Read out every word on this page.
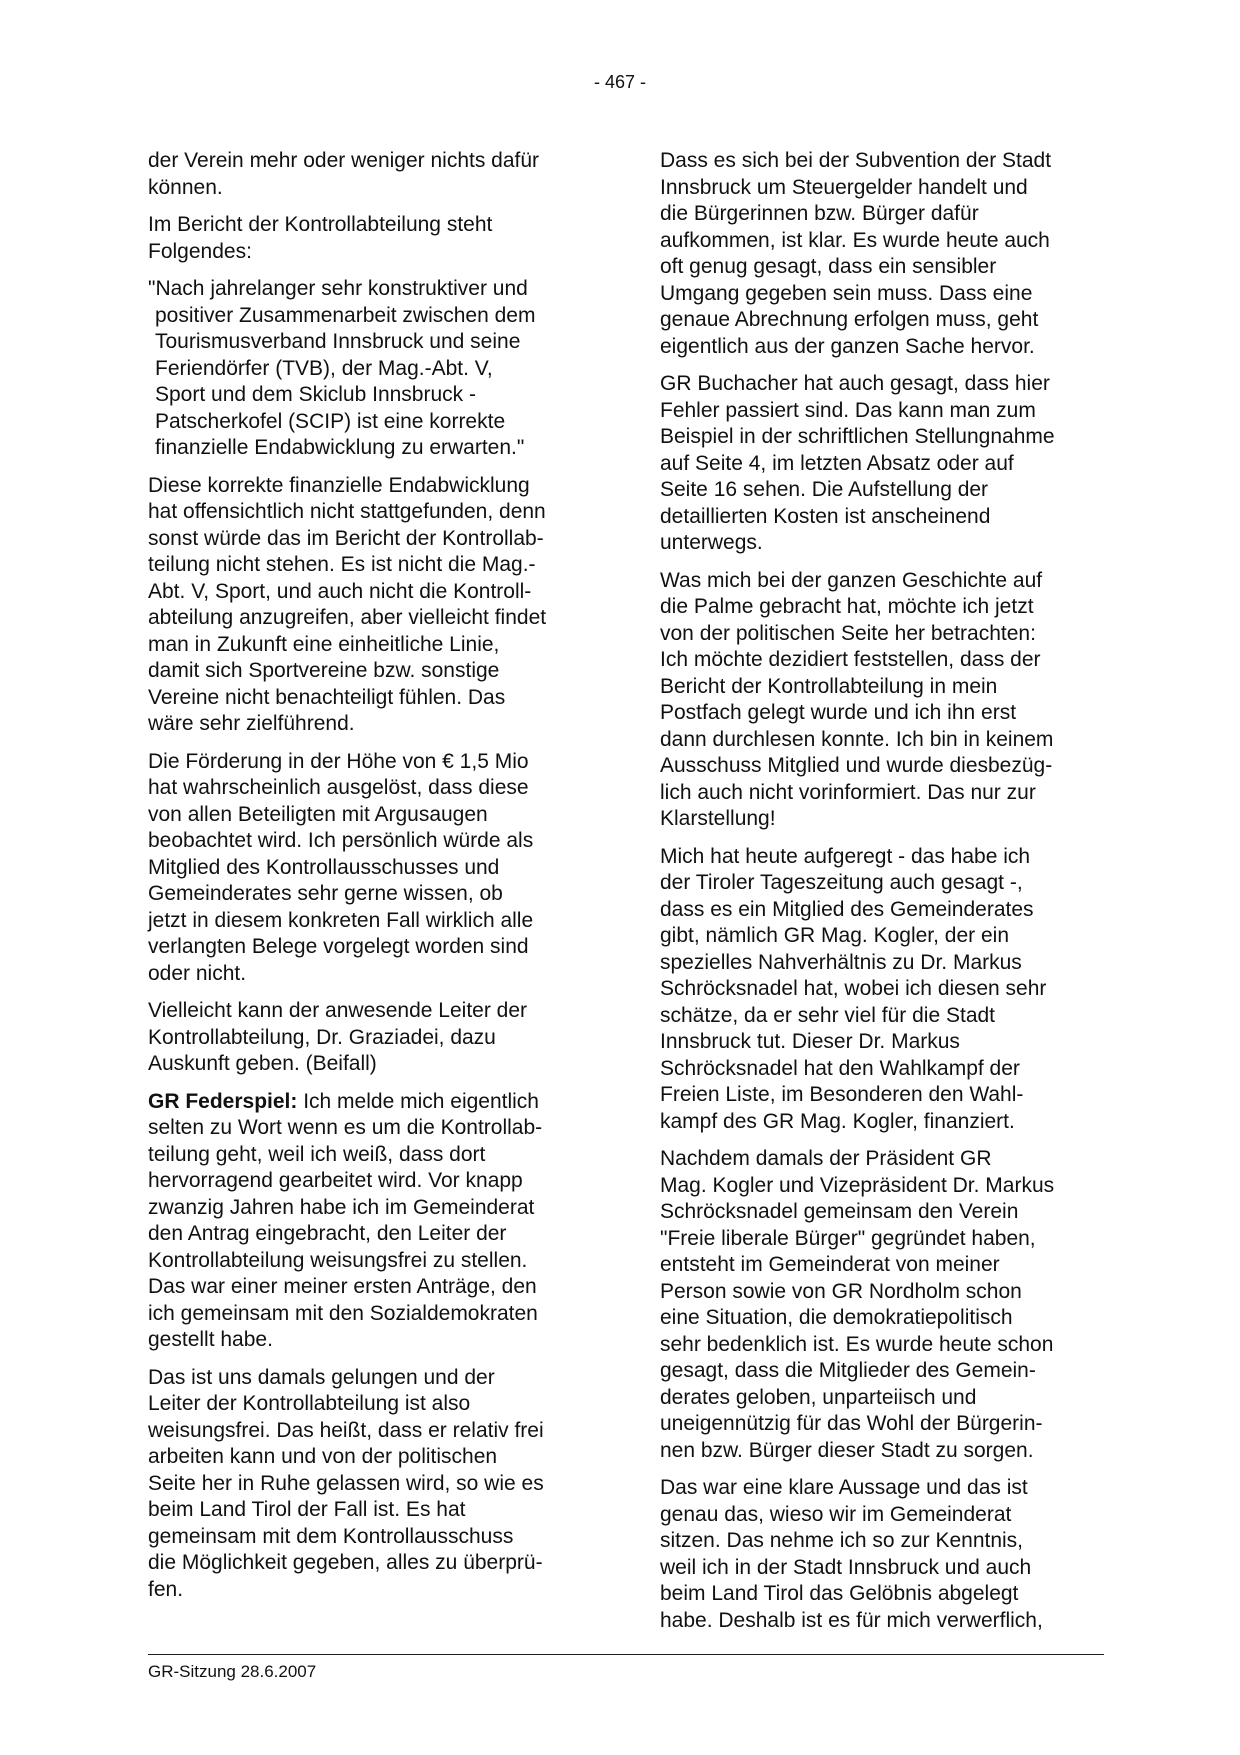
- 467 -
der Verein mehr oder weniger nichts dafür
können.
Im Bericht der Kontrollabteilung steht
Folgendes:
"Nach jahrelanger sehr konstruktiver und
positiver Zusammenarbeit zwischen dem
Tourismusverband Innsbruck und seine
Feriendörfer (TVB), der Mag.-Abt. V,
Sport und dem Skiclub Innsbruck -
Patscherkofel (SCIP) ist eine korrekte
finanzielle Endabwicklung zu erwarten."
Diese korrekte finanzielle Endabwicklung
hat offensichtlich nicht stattgefunden, denn
sonst würde das im Bericht der Kontrollab-
teilung nicht stehen. Es ist nicht die Mag.-
Abt. V, Sport, und auch nicht die Kontroll-
abteilung anzugreifen, aber vielleicht findet
man in Zukunft eine einheitliche Linie,
damit sich Sportvereine bzw. sonstige
Vereine nicht benachteiligt fühlen. Das
wäre sehr zielführend.
Die Förderung in der Höhe von € 1,5 Mio
hat wahrscheinlich ausgelöst, dass diese
von allen Beteiligten mit Argusaugen
beobachtet wird. Ich persönlich würde als
Mitglied des Kontrollausschusses und
Gemeinderates sehr gerne wissen, ob
jetzt in diesem konkreten Fall wirklich alle
verlangten Belege vorgelegt worden sind
oder nicht.
Vielleicht kann der anwesende Leiter der
Kontrollabteilung, Dr. Graziadei, dazu
Auskunft geben. (Beifall)
GR Federspiel: Ich melde mich eigentlich
selten zu Wort wenn es um die Kontrollab-
teilung geht, weil ich weiß, dass dort
hervorragend gearbeitet wird. Vor knapp
zwanzig Jahren habe ich im Gemeinderat
den Antrag eingebracht, den Leiter der
Kontrollabteilung weisungsfrei zu stellen.
Das war einer meiner ersten Anträge, den
ich gemeinsam mit den Sozialdemokraten
gestellt habe.
Das ist uns damals gelungen und der
Leiter der Kontrollabteilung ist also
weisungsfrei. Das heißt, dass er relativ frei
arbeiten kann und von der politischen
Seite her in Ruhe gelassen wird, so wie es
beim Land Tirol der Fall ist. Es hat
gemeinsam mit dem Kontrollausschuss
die Möglichkeit gegeben, alles zu überprü-
fen.
Dass es sich bei der Subvention der Stadt
Innsbruck um Steuergelder handelt und
die Bürgerinnen bzw. Bürger dafür
aufkommen, ist klar. Es wurde heute auch
oft genug gesagt, dass ein sensibler
Umgang gegeben sein muss. Dass eine
genaue Abrechnung erfolgen muss, geht
eigentlich aus der ganzen Sache hervor.
GR Buchacher hat auch gesagt, dass hier
Fehler passiert sind. Das kann man zum
Beispiel in der schriftlichen Stellungnahme
auf Seite 4, im letzten Absatz oder auf
Seite 16 sehen. Die Aufstellung der
detaillierten Kosten ist anscheinend
unterwegs.
Was mich bei der ganzen Geschichte auf
die Palme gebracht hat, möchte ich jetzt
von der politischen Seite her betrachten:
Ich möchte dezidiert feststellen, dass der
Bericht der Kontrollabteilung in mein
Postfach gelegt wurde und ich ihn erst
dann durchlesen konnte. Ich bin in keinem
Ausschuss Mitglied und wurde diesbezüg-
lich auch nicht vorinformiert. Das nur zur
Klarstellung!
Mich hat heute aufgeregt - das habe ich
der Tiroler Tageszeitung auch gesagt -,
dass es ein Mitglied des Gemeinderates
gibt, nämlich GR Mag. Kogler, der ein
spezielles Nahverhältnis zu Dr. Markus
Schröcksnadel hat, wobei ich diesen sehr
schätze, da er sehr viel für die Stadt
Innsbruck tut. Dieser Dr. Markus
Schröcksnadel hat den Wahlkampf der
Freien Liste, im Besonderen den Wahl-
kampf des GR Mag. Kogler, finanziert.
Nachdem damals der Präsident GR
Mag. Kogler und Vizepräsident Dr. Markus
Schröcksnadel gemeinsam den Verein
"Freie liberale Bürger" gegründet haben,
entsteht im Gemeinderat von meiner
Person sowie von GR Nordholm schon
eine Situation, die demokratiepolitisch
sehr bedenklich ist. Es wurde heute schon
gesagt, dass die Mitglieder des Gemein-
derates geloben, unparteiisch und
uneigennützig für das Wohl der Bürgerin-
nen bzw. Bürger dieser Stadt zu sorgen.
Das war eine klare Aussage und das ist
genau das, wieso wir im Gemeinderat
sitzen. Das nehme ich so zur Kenntnis,
weil ich in der Stadt Innsbruck und auch
beim Land Tirol das Gelöbnis abgelegt
habe. Deshalb ist es für mich verwerflich,
GR-Sitzung 28.6.2007
